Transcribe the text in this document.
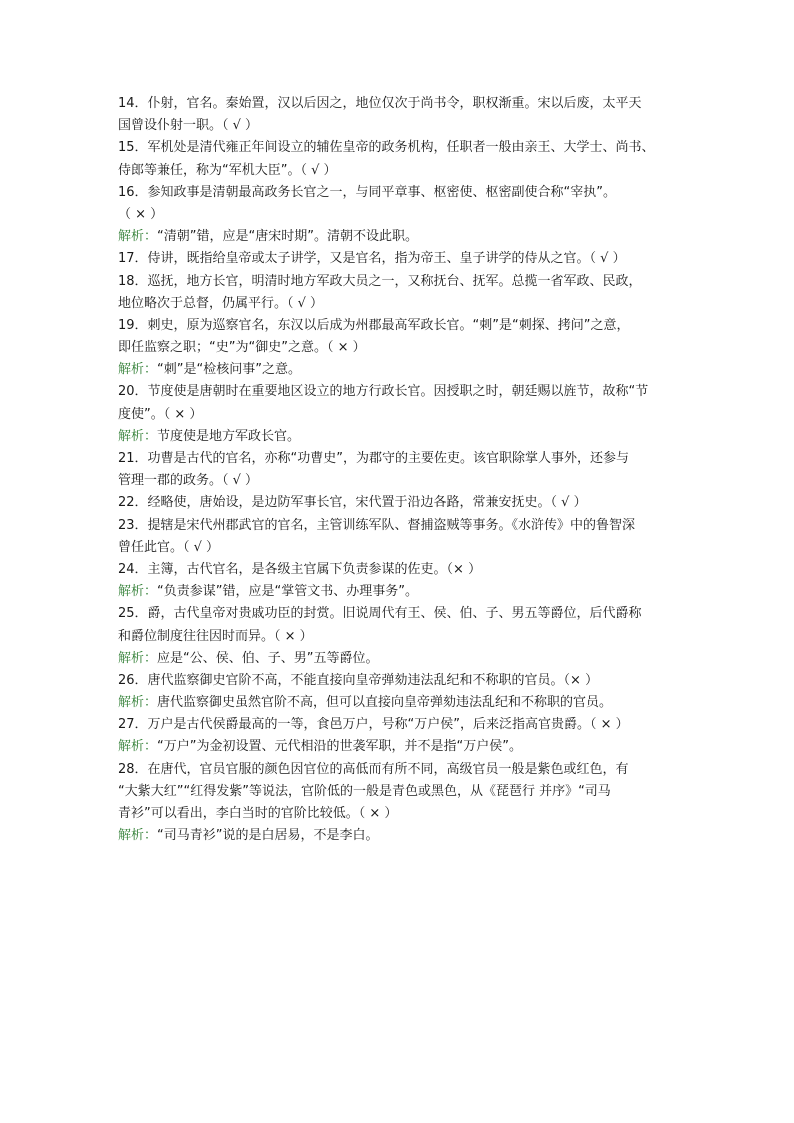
14．仆射，官名。秦始置，汉以后因之，地位仅次于尚书令，职权渐重。宋以后废，太平天
国曾设仆射一职。（ √ ）
15．军机处是清代雍正年间设立的辅佐皇帝的政务机构，任职者一般由亲王、大学士、尚书、
侍郎等兼任，称为“军机大臣”。（ √ ）
16．参知政事是清朝最高政务长官之一，与同平章事、枢密使、枢密副使合称“宰执”。
（ × ）
解析：“清朝”错，应是“唐宋时期”。清朝不设此职。
17．侍讲，既指给皇帝或太子讲学，又是官名，指为帝王、皇子讲学的侍从之官。（ √ ）
18．巡抚，地方长官，明清时地方军政大员之一，又称抚台、抚军。总揽一省军政、民政，
地位略次于总督，仍属平行。（ √ ）
19．刺史，原为巡察官名，东汉以后成为州郡最高军政长官。“刺”是“刺探、拷问”之意，
即任监察之职；“史”为“御史”之意。（ × ）
解析：“刺”是“检核问事”之意。
20．节度使是唐朝时在重要地区设立的地方行政长官。因授职之时，朝廷赐以旌节，故称“节
度使”。（ × ）
解析：节度使是地方军政长官。
21．功曹是古代的官名，亦称“功曹史”，为郡守的主要佐吏。该官职除掌人事外，还参与
管理一郡的政务。（ √ ）
22．经略使，唐始设，是边防军事长官，宋代置于沿边各路，常兼安抚史。（ √ ）
23．提辖是宋代州郡武官的官名，主管训练军队、督捕盗贼等事务。《水浒传》中的鲁智深
曾任此官。（ √ ）
24．主簿，古代官名，是各级主官属下负责参谋的佐吏。（× ）
解析：“负责参谋”错，应是“掌管文书、办理事务”。
25．爵，古代皇帝对贵戚功臣的封赏。旧说周代有王、侯、伯、子、男五等爵位，后代爵称
和爵位制度往往因时而异。（ × ）
解析：应是“公、侯、伯、子、男”五等爵位。
26．唐代监察御史官阶不高，不能直接向皇帝弹劾违法乱纪和不称职的官员。（× ）
解析：唐代监察御史虽然官阶不高，但可以直接向皇帝弹劾违法乱纪和不称职的官员。
27．万户是古代侯爵最高的一等，食邑万户，号称“万户侯”，后来泛指高官贵爵。（ × ）
解析：“万户”为金初设置、元代相沿的世袭军职，并不是指“万户侯”。
28．在唐代，官员官服的颜色因官位的高低而有所不同，高级官员一般是紫色或红色，有
“大紫大红”“红得发紫”等说法，官阶低的一般是青色或黑色，从《琵琶行 并序》“司马
青衫”可以看出，李白当时的官阶比较低。（ × ）
解析：“司马青衫”说的是白居易，不是李白。
